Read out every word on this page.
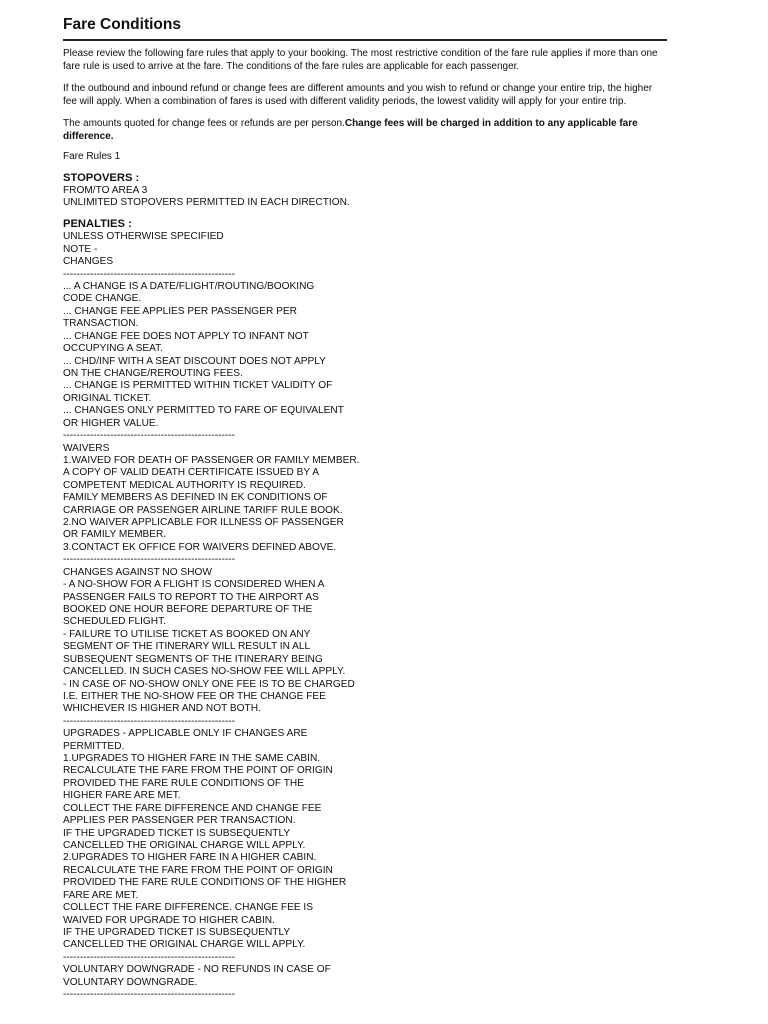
Fare Conditions

Please review the following fare rules that apply to your booking. The most restrictive condition of the fare rule applies if more than one fare rule is used to arrive at the fare. The conditions of the fare rules are applicable for each passenger.

If the outbound and inbound refund or change fees are different amounts and you wish to refund or change your entire trip, the higher fee will apply. When a combination of fares is used with different validity periods, the lowest validity will apply for your entire trip.

The amounts quoted for change fees or refunds are per person.Change fees will be charged in addition to any applicable fare difference.

Fare Rules 1
STOPOVERS :
FROM/TO AREA 3
UNLIMITED STOPOVERS PERMITTED IN EACH DIRECTION.
PENALTIES :
UNLESS OTHERWISE SPECIFIED
NOTE -
CHANGES
---------------------------------------------------
... A CHANGE IS A DATE/FLIGHT/ROUTING/BOOKING
CODE CHANGE.
... CHANGE FEE APPLIES PER PASSENGER PER
TRANSACTION.
... CHANGE FEE DOES NOT APPLY TO INFANT NOT
OCCUPYING A SEAT.
... CHD/INF WITH A SEAT DISCOUNT DOES NOT APPLY
ON THE CHANGE/REROUTING FEES.
... CHANGE IS PERMITTED WITHIN TICKET VALIDITY OF
ORIGINAL TICKET.
... CHANGES ONLY PERMITTED TO FARE OF EQUIVALENT
OR HIGHER VALUE.
---------------------------------------------------
WAIVERS
1.WAIVED FOR DEATH OF PASSENGER OR FAMILY MEMBER.
A COPY OF VALID DEATH CERTIFICATE ISSUED BY A
COMPETENT MEDICAL AUTHORITY IS REQUIRED.
FAMILY MEMBERS AS DEFINED IN EK CONDITIONS OF
CARRIAGE OR PASSENGER AIRLINE TARIFF RULE BOOK.
2.NO WAIVER APPLICABLE FOR ILLNESS OF PASSENGER
OR FAMILY MEMBER.
3.CONTACT EK OFFICE FOR WAIVERS DEFINED ABOVE.
---------------------------------------------------
CHANGES AGAINST NO SHOW
- A NO-SHOW FOR A FLIGHT IS CONSIDERED WHEN A
PASSENGER FAILS TO REPORT TO THE AIRPORT AS
BOOKED ONE HOUR BEFORE DEPARTURE OF THE
SCHEDULED FLIGHT.
- FAILURE TO UTILISE TICKET AS BOOKED ON ANY
SEGMENT OF THE ITINERARY WILL RESULT IN ALL
SUBSEQUENT SEGMENTS OF THE ITINERARY BEING
CANCELLED. IN SUCH CASES NO-SHOW FEE WILL APPLY.
- IN CASE OF NO-SHOW ONLY ONE FEE IS TO BE CHARGED
I.E. EITHER THE NO-SHOW FEE OR THE CHANGE FEE
WHICHEVER IS HIGHER AND NOT BOTH.
---------------------------------------------------
UPGRADES - APPLICABLE ONLY IF CHANGES ARE
PERMITTED.
1.UPGRADES TO HIGHER FARE IN THE SAME CABIN.
RECALCULATE THE FARE FROM THE POINT OF ORIGIN
PROVIDED THE FARE RULE CONDITIONS OF THE
HIGHER FARE ARE MET.
COLLECT THE FARE DIFFERENCE AND CHANGE FEE
APPLIES PER PASSENGER PER TRANSACTION.
IF THE UPGRADED TICKET IS SUBSEQUENTLY
CANCELLED THE ORIGINAL CHARGE WILL APPLY.
2.UPGRADES TO HIGHER FARE IN A HIGHER CABIN.
RECALCULATE THE FARE FROM THE POINT OF ORIGIN
PROVIDED THE FARE RULE CONDITIONS OF THE HIGHER
FARE ARE MET.
COLLECT THE FARE DIFFERENCE. CHANGE FEE IS
WAIVED FOR UPGRADE TO HIGHER CABIN.
IF THE UPGRADED TICKET IS SUBSEQUENTLY
CANCELLED THE ORIGINAL CHARGE WILL APPLY.
---------------------------------------------------
VOLUNTARY DOWNGRADE - NO REFUNDS IN CASE OF
VOLUNTARY DOWNGRADE.
---------------------------------------------------
